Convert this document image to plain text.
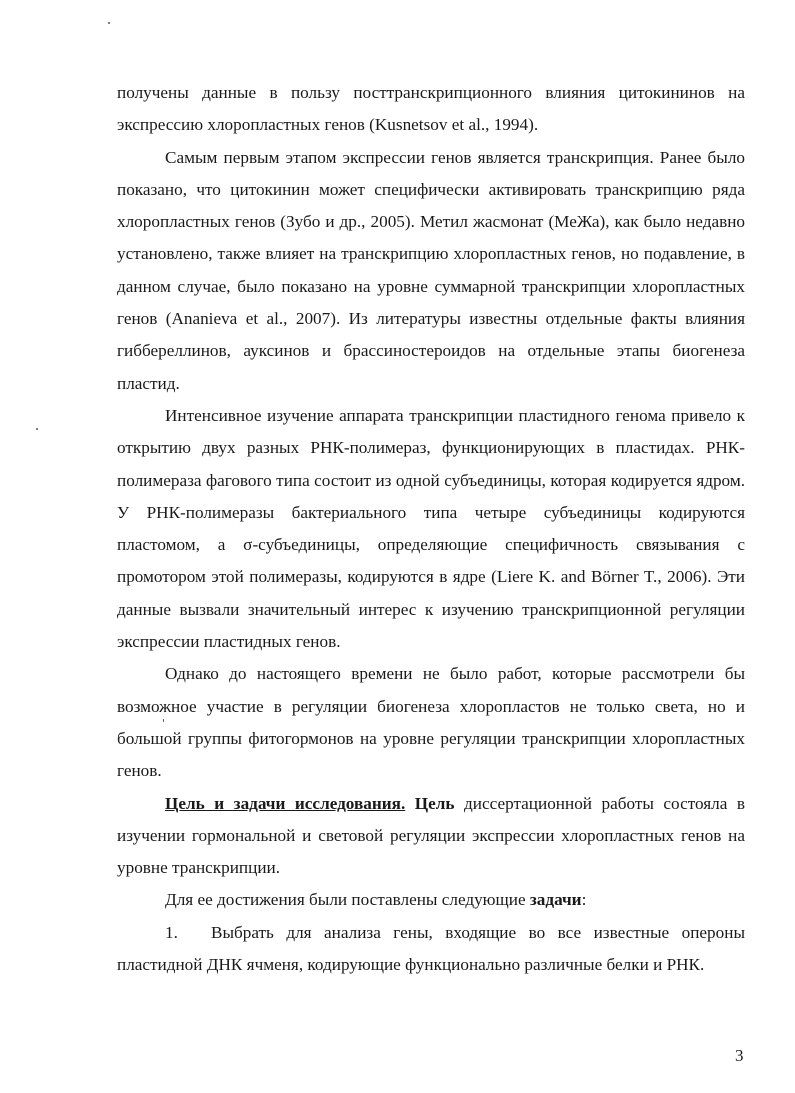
получены данные в пользу посттранскрипционного влияния цитокининов на экспрессию хлоропластных генов (Kusnetsov et al., 1994).

Самым первым этапом экспрессии генов является транскрипция. Ранее было показано, что цитокинин может специфически активировать транскрипцию ряда хлоропластных генов (Зубо и др., 2005). Метил жасмонат (МеЖа), как было недавно установлено, также влияет на транскрипцию хлоропластных генов, но подавление, в данном случае, было показано на уровне суммарной транскрипции хлоропластных генов (Ananieva et al., 2007). Из литературы известны отдельные факты влияния гиббереллинов, ауксинов и брассиностероидов на отдельные этапы биогенеза пластид.

Интенсивное изучение аппарата транскрипции пластидного генома привело к открытию двух разных РНК-полимераз, функционирующих в пластидах. РНК-полимераза фагового типа состоит из одной субъединицы, которая кодируется ядром. У РНК-полимеразы бактериального типа четыре субъединицы кодируются пластомом, а σ-субъединицы, определяющие специфичность связывания с промотором этой полимеразы, кодируются в ядре (Liere K. and Börner T., 2006). Эти данные вызвали значительный интерес к изучению транскрипционной регуляции экспрессии пластидных генов.

Однако до настоящего времени не было работ, которые рассмотрели бы возможное участие в регуляции биогенеза хлоропластов не только света, но и большой группы фитогормонов на уровне регуляции транскрипции хлоропластных генов.

Цель и задачи исследования. Цель диссертационной работы состояла в изучении гормональной и световой регуляции экспрессии хлоропластных генов на уровне транскрипции.

Для ее достижения были поставлены следующие задачи:

1. Выбрать для анализа гены, входящие во все известные опероны пластидной ДНК ячменя, кодирующие функционально различные белки и РНК.

3
